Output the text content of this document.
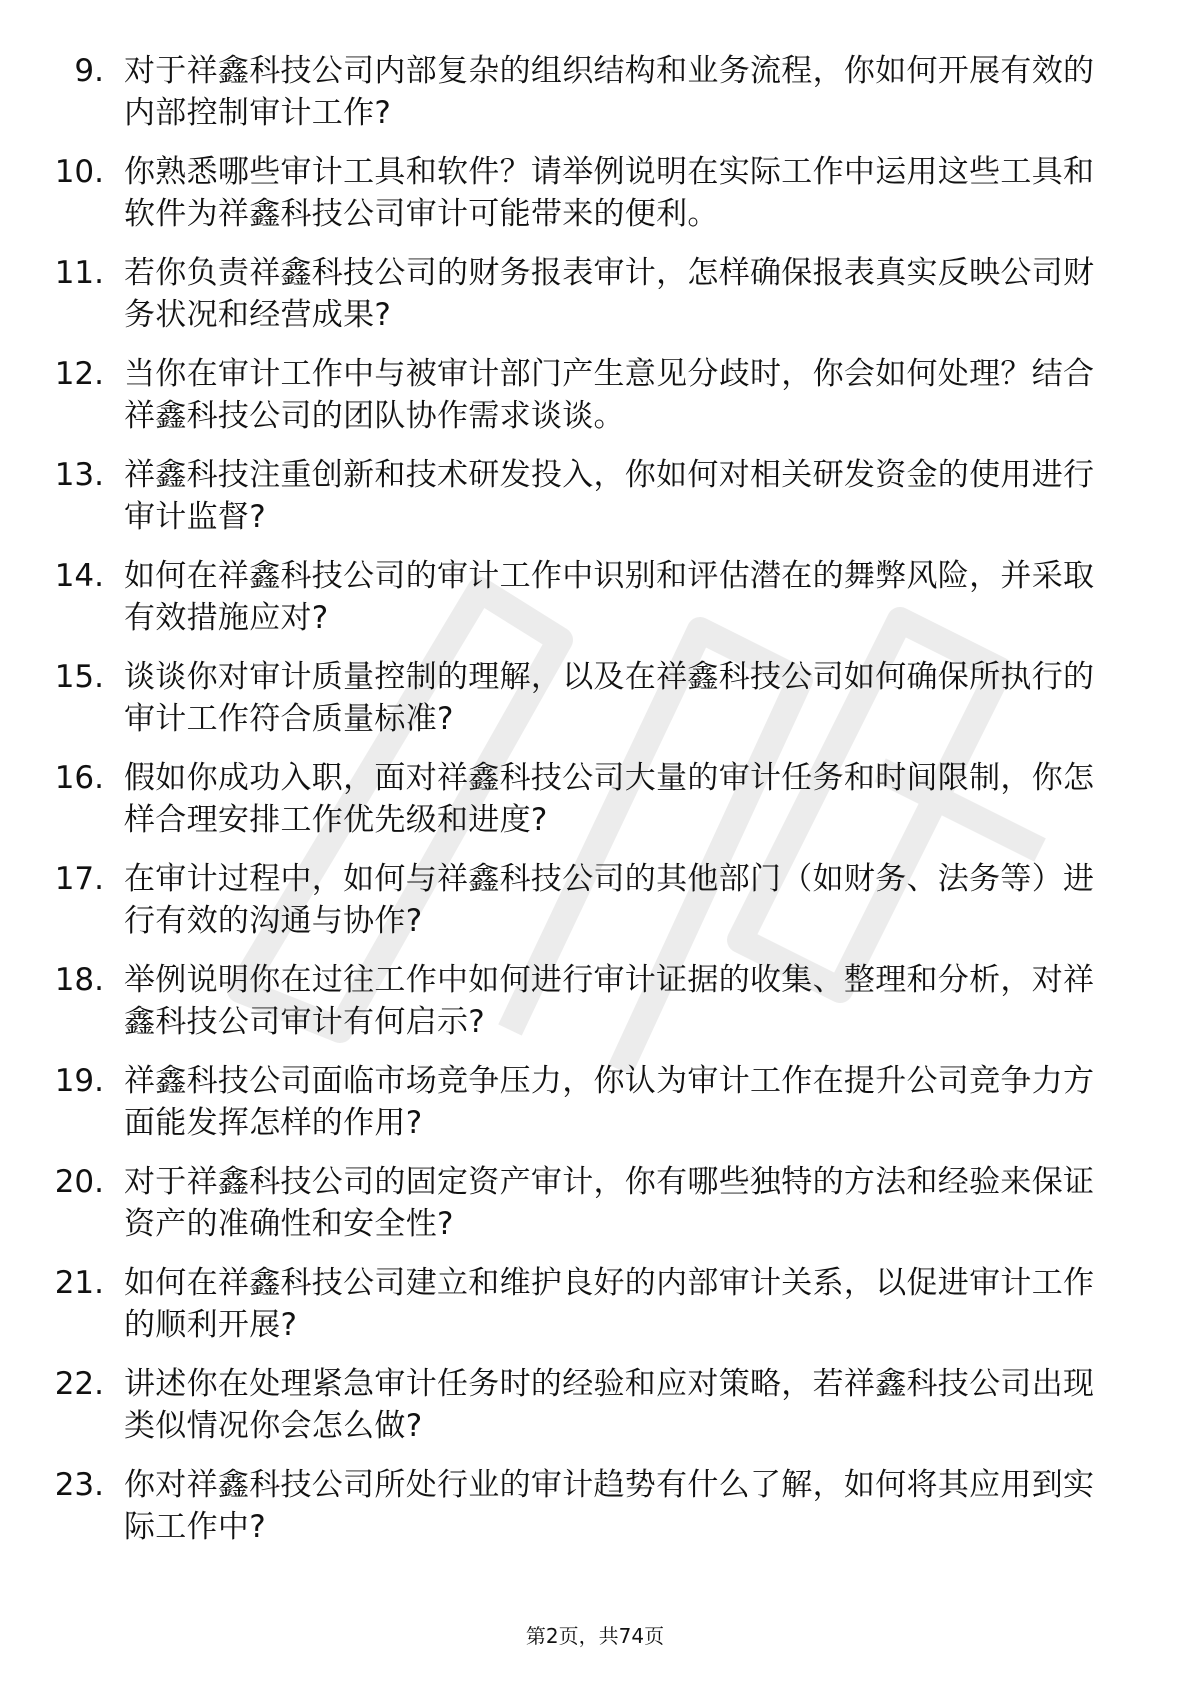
9. 对于祥鑫科技公司内部复杂的组织结构和业务流程，你如何开展有效的内部控制审计工作?
10. 你熟悉哪些审计工具和软件？请举例说明在实际工作中运用这些工具和软件为祥鑫科技公司审计可能带来的便利。
11. 若你负责祥鑫科技公司的财务报表审计，怎样确保报表真实反映公司财务状况和经营成果?
12. 当你在审计工作中与被审计部门产生意见分歧时，你会如何处理？结合祥鑫科技公司的团队协作需求谈谈。
13. 祥鑫科技注重创新和技术研发投入，你如何对相关研发资金的使用进行审计监督?
14. 如何在祥鑫科技公司的审计工作中识别和评估潜在的舞弊风险，并采取有效措施应对?
15. 谈谈你对审计质量控制的理解，以及在祥鑫科技公司如何确保所执行的审计工作符合质量标准?
16. 假如你成功入职，面对祥鑫科技公司大量的审计任务和时间限制，你怎样合理安排工作优先级和进度?
17. 在审计过程中，如何与祥鑫科技公司的其他部门（如财务、法务等）进行有效的沟通与协作?
18. 举例说明你在过往工作中如何进行审计证据的收集、整理和分析，对祥鑫科技公司审计有何启示?
19. 祥鑫科技公司面临市场竞争压力，你认为审计工作在提升公司竞争力方面能发挥怎样的作用?
20. 对于祥鑫科技公司的固定资产审计，你有哪些独特的方法和经验来保证资产的准确性和安全性?
21. 如何在祥鑫科技公司建立和维护良好的内部审计关系，以促进审计工作的顺利开展?
22. 讲述你在处理紧急审计任务时的经验和应对策略，若祥鑫科技公司出现类似情况你会怎么做?
23. 你对祥鑫科技公司所处行业的审计趋势有什么了解，如何将其应用到实际工作中?
第2页，共74页
